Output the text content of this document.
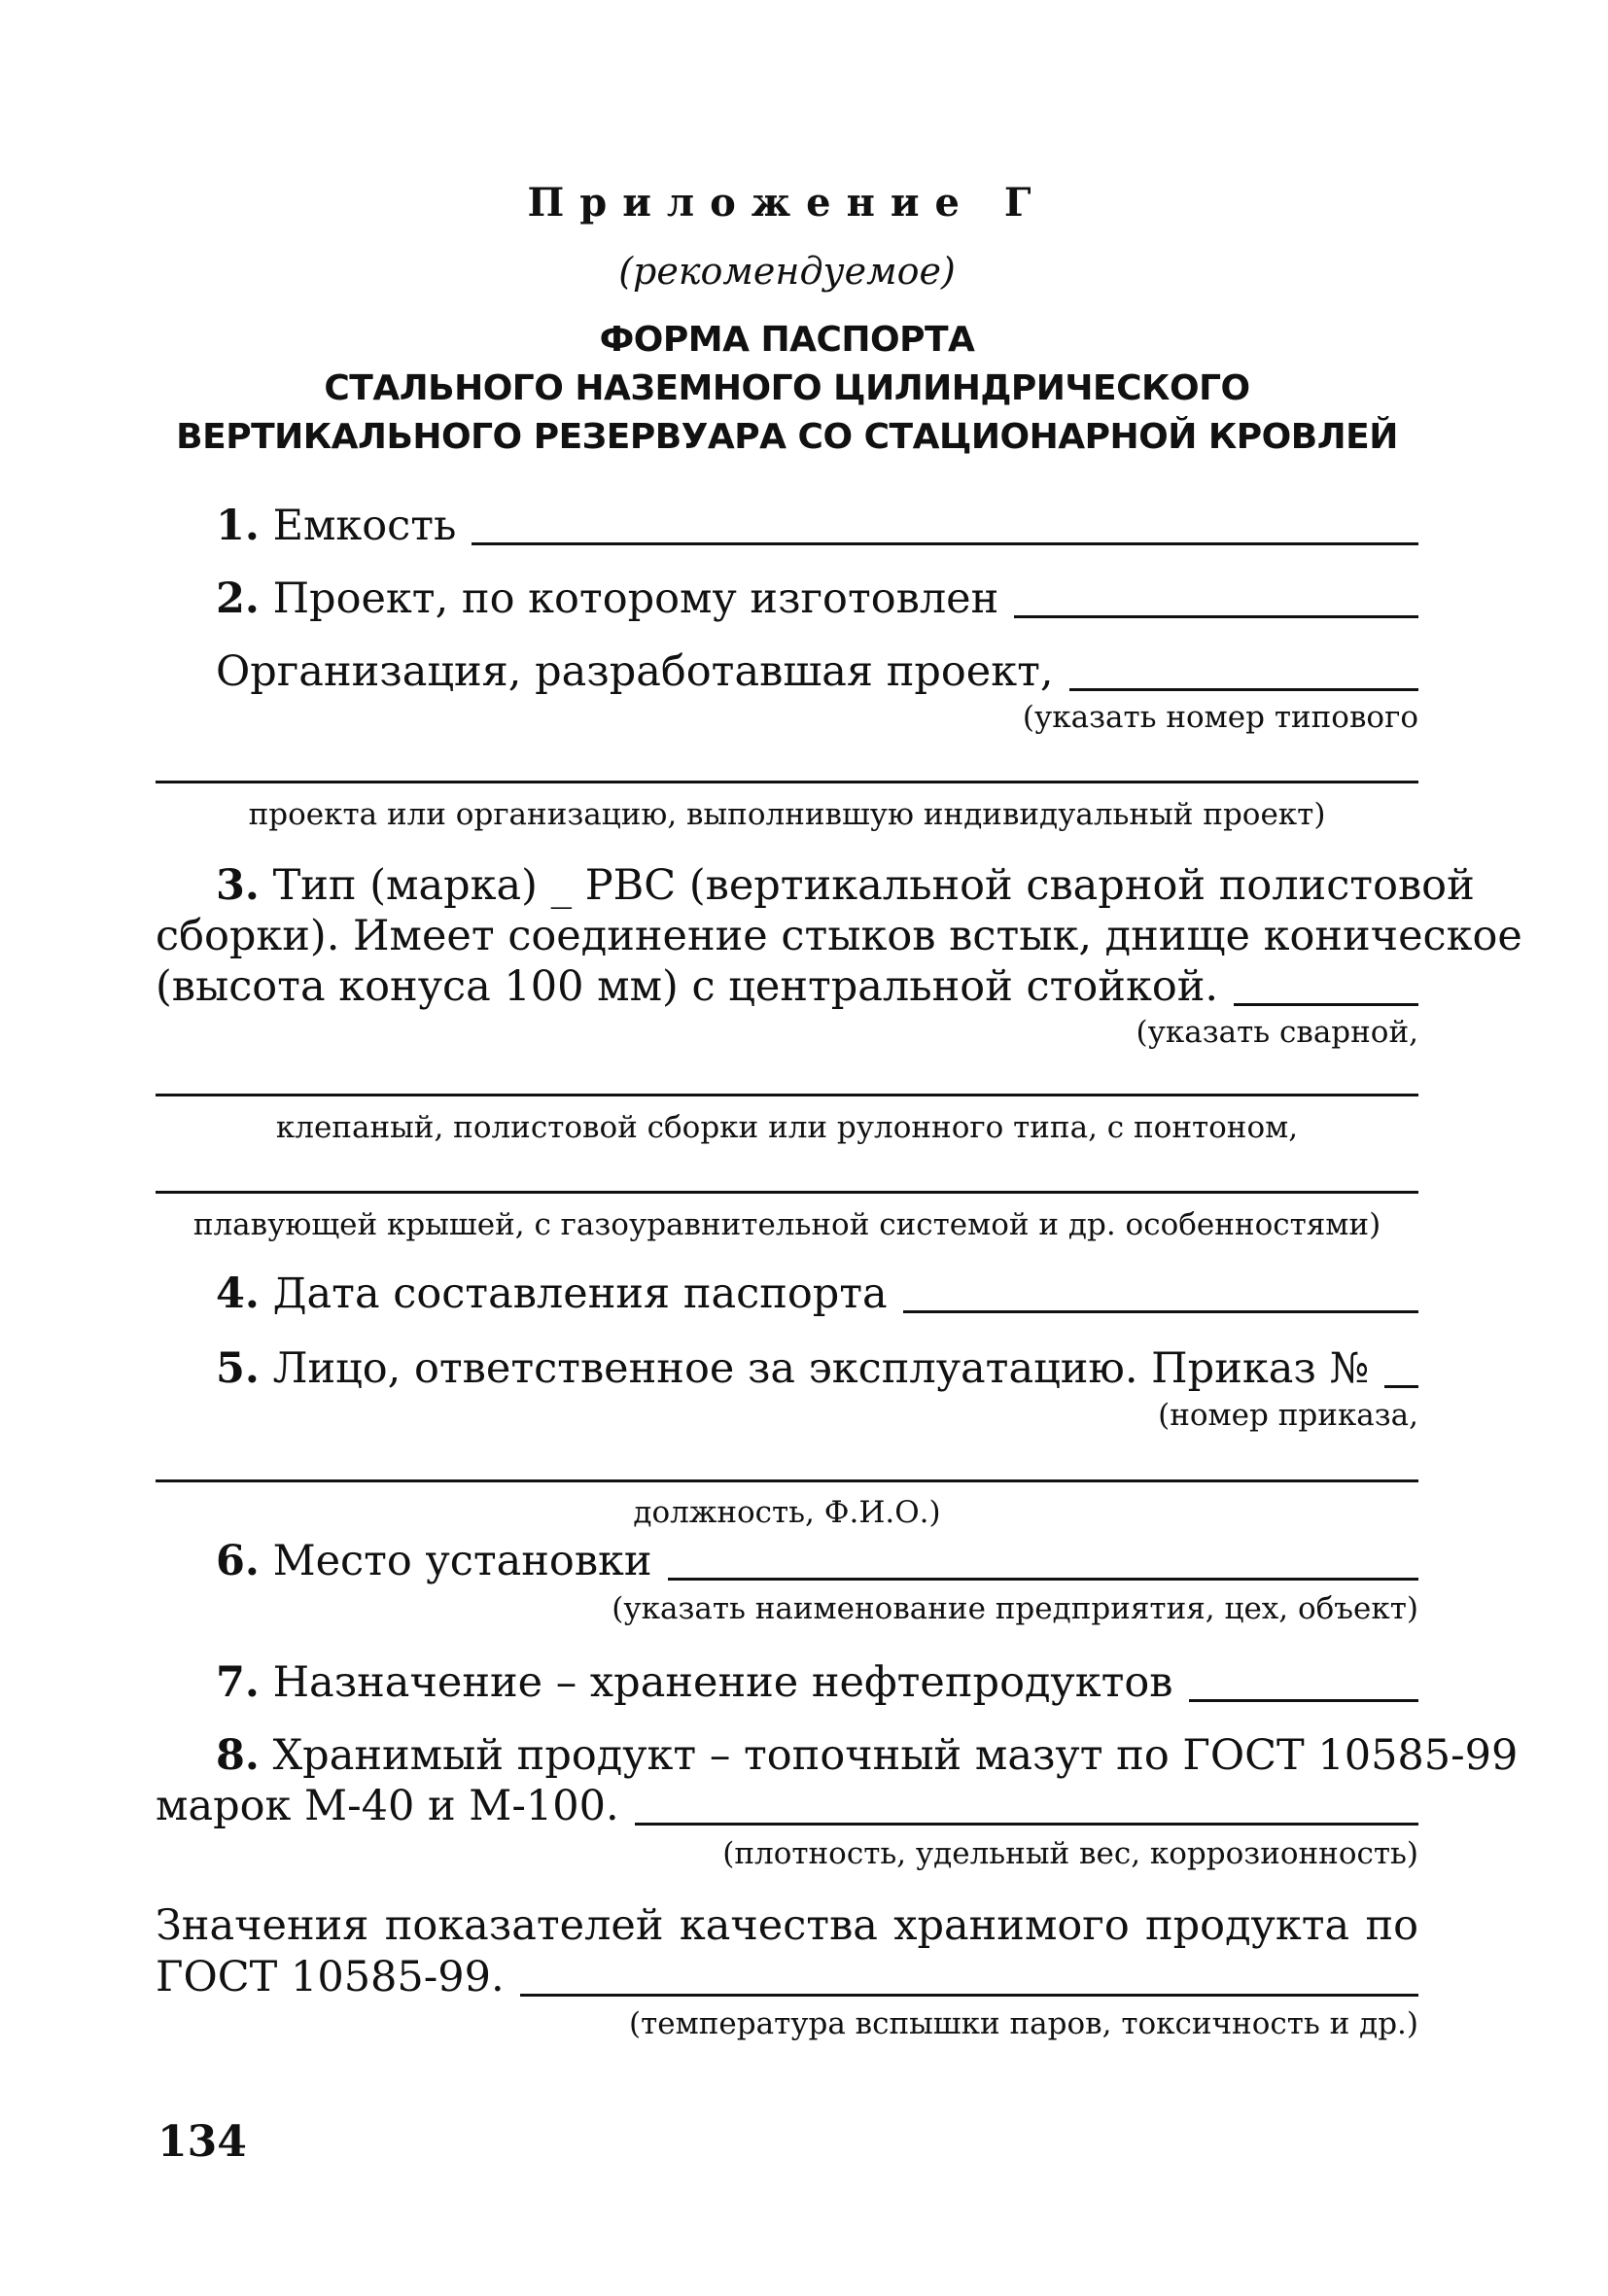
Приложение Г
(рекомендуемое)
ФОРМА ПАСПОРТА
СТАЛЬНОГО НАЗЕМНОГО ЦИЛИНДРИЧЕСКОГО
ВЕРТИКАЛЬНОГО РЕЗЕРВУАРА СО СТАЦИОНАРНОЙ КРОВЛЕЙ
1. Емкость
2. Проект, по которому изготовлен
Организация, разработавшая проект,
(указать номер типового
проекта или организацию, выполнившую индивидуальный проект)
3. Тип (марка) _ РВС (вертикальной сварной полистовой
сборки). Имеет соединение стыков встык, днище коническое
(высота конуса 100 мм) с центральной стойкой.
(указать сварной,
клепаный, полистовой сборки или рулонного типа, с понтоном,
плавующей крышей, с газоуравнительной системой и др. особенностями)
4. Дата составления паспорта
5. Лицо, ответственное за эксплуатацию. Приказ №
(номер приказа,
должность, Ф.И.О.)
6. Место установки
(указать наименование предприятия, цех, объект)
7. Назначение – хранение нефтепродуктов
8. Хранимый продукт – топочный мазут по ГОСТ 10585-99
марок М-40 и М-100.
(плотность, удельный вес, коррозионность)
Значения показателей качества хранимого продукта по
ГОСТ 10585-99.
(температура вспышки паров, токсичность и др.)
134
